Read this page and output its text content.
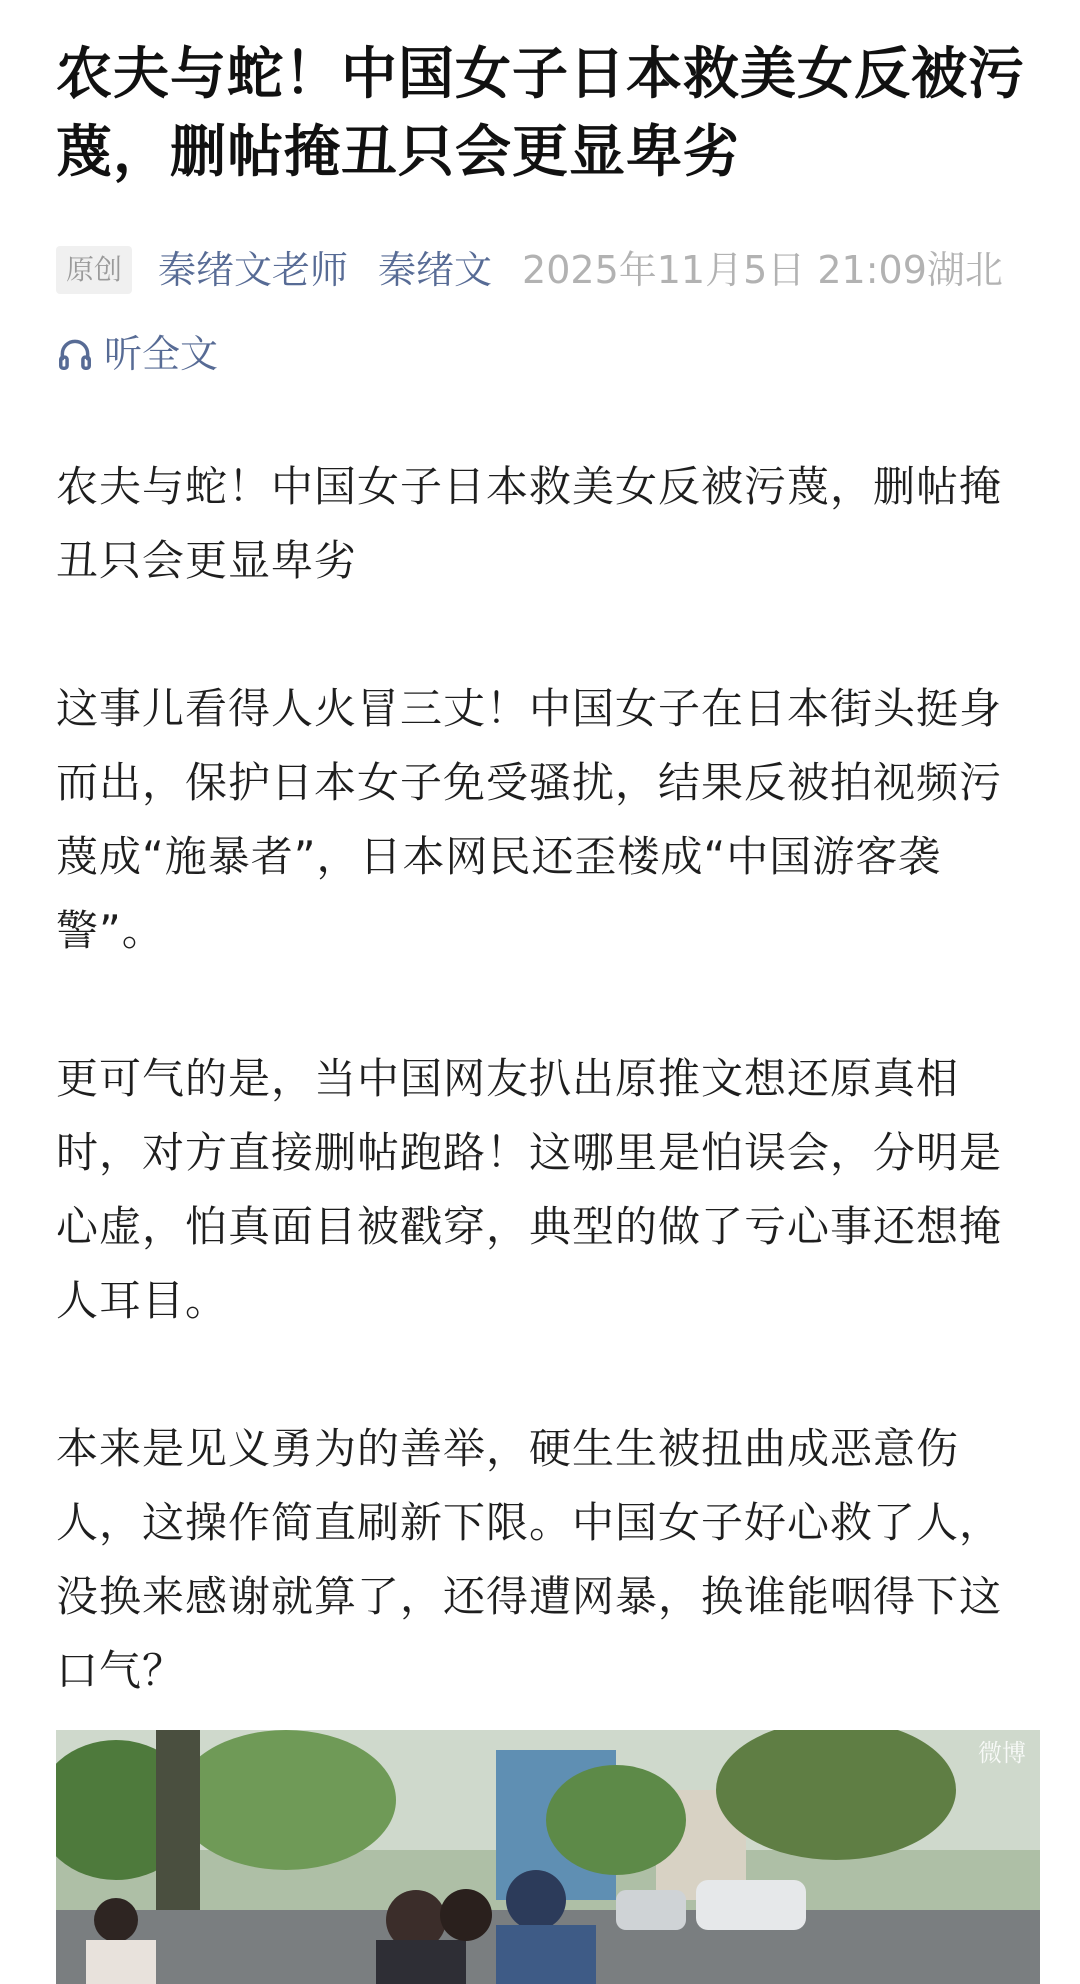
农夫与蛇！中国女子日本救美女反被污蔑，删帖掩丑只会更显卑劣
原创 秦绪文老师 秦绪文 2025年11月5日 21:09 湖北
听全文

农夫与蛇！中国女子日本救美女反被污蔑，删帖掩丑只会更显卑劣

这事儿看得人火冒三丈！中国女子在日本街头挺身而出，保护日本女子免受骚扰，结果反被拍视频污蔑成“施暴者”，日本网民还歪楼成“中国游客袭警”。

更可气的是，当中国网友扒出原推文想还原真相时，对方直接删帖跑路！这哪里是怕误会，分明是心虚，怕真面目被戳穿，典型的做了亏心事还想掩人耳目。

本来是见义勇为的善举，硬生生被扭曲成恶意伤人，这操作简直刷新下限。中国女子好心救了人，没换来感谢就算了，还得遭网暴，换谁能咽得下这口气？

微博
